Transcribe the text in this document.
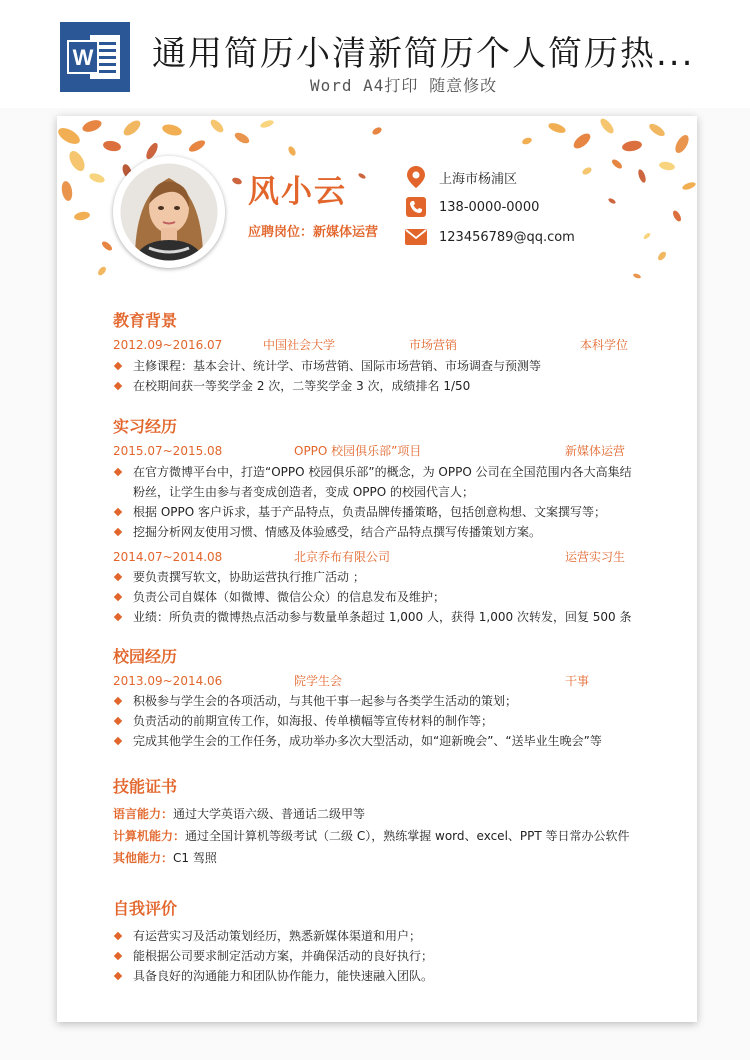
W 通用简历小清新简历个人简历热...
Word A4打印 随意修改
风小云
应聘岗位：新媒体运营
上海市杨浦区
138-0000-0000
123456789@qq.com
教育背景
2012.09~2016.07	中国社会大学	市场营销	本科学位
主修课程：基本会计、统计学、市场营销、国际市场营销、市场调查与预测等
在校期间获一等奖学金 2 次，二等奖学金 3 次，成绩排名 1/50
实习经历
2015.07~2015.08	OPPO 校园俱乐部”项目	新媒体运营
在官方微博平台中，打造“OPPO 校园俱乐部”的概念，为 OPPO 公司在全国范围内各大高集结粉丝，让学生由参与者变成创造者，变成 OPPO 的校园代言人；
根据 OPPO 客户诉求，基于产品特点，负责品牌传播策略，包括创意构想、文案撰写等；
挖掘分析网友使用习惯、情感及体验感受，结合产品特点撰写传播策划方案。
2014.07~2014.08	北京乔布有限公司	运营实习生
要负责撰写软文，协助运营执行推广活动 ；
负责公司自媒体（如微博、微信公众）的信息发布及维护；
业绩：所负责的微博热点活动参与数量单条超过 1,000 人，获得 1,000 次转发，回复 500 条
校园经历
2013.09~2014.06	院学生会	干事
积极参与学生会的各项活动，与其他干事一起参与各类学生活动的策划；
负责活动的前期宣传工作，如海报、传单横幅等宣传材料的制作等；
完成其他学生会的工作任务，成功举办多次大型活动，如“迎新晚会”、“送毕业生晚会”等
技能证书
语言能力：通过大学英语六级、普通话二级甲等
计算机能力：通过全国计算机等级考试（二级 C），熟练掌握 word、excel、PPT 等日常办公软件
其他能力：C1 驾照
自我评价
有运营实习及活动策划经历，熟悉新媒体渠道和用户；
能根据公司要求制定活动方案，并确保活动的良好执行；
具备良好的沟通能力和团队协作能力，能快速融入团队。
